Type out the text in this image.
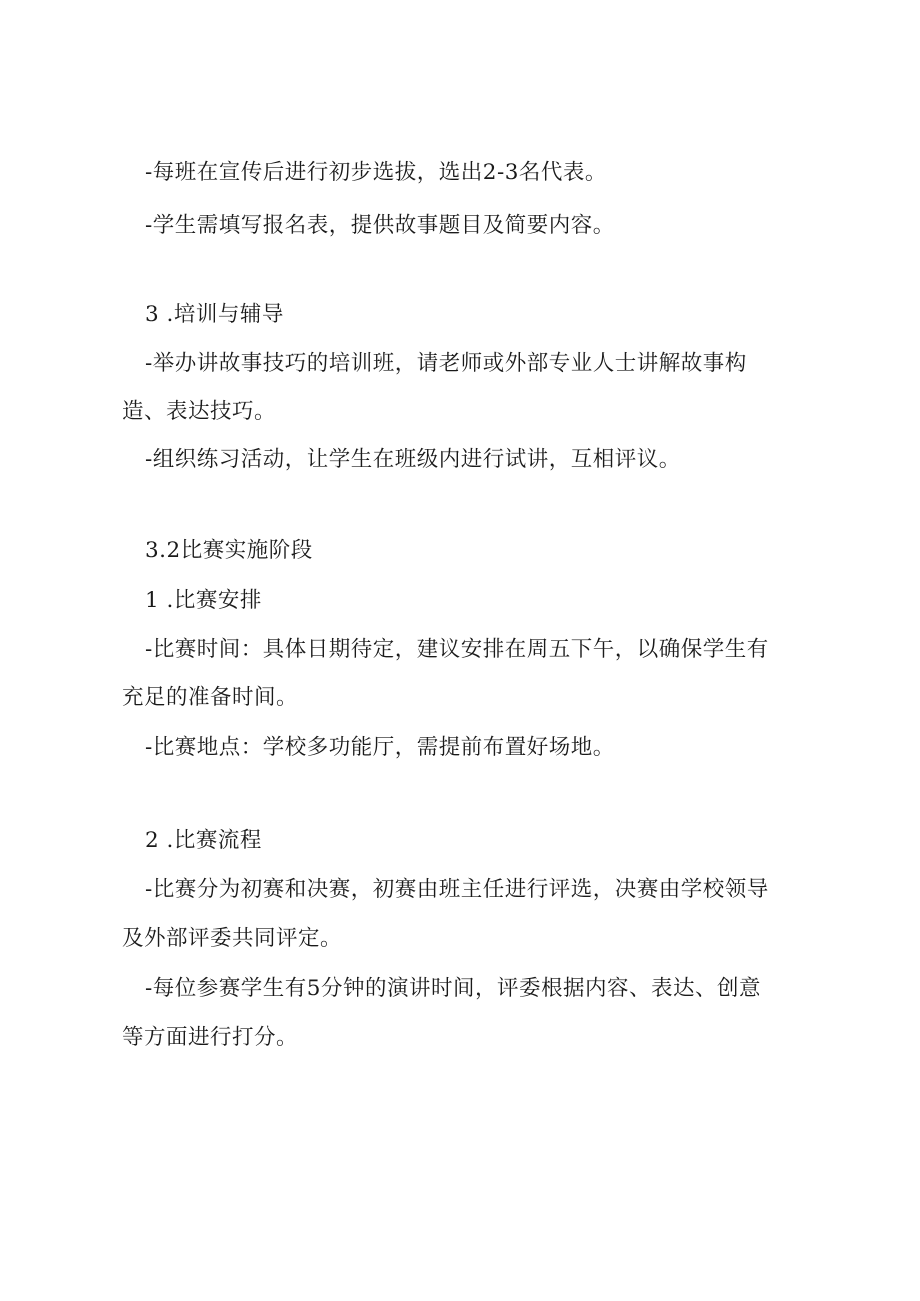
-每班在宣传后进行初步选拔，选出2-3名代表。
-学生需填写报名表，提供故事题目及简要内容。
3 .培训与辅导
-举办讲故事技巧的培训班，请老师或外部专业人士讲解故事构
造、表达技巧。
-组织练习活动，让学生在班级内进行试讲，互相评议。
3.2比赛实施阶段
1 .比赛安排
-比赛时间：具体日期待定，建议安排在周五下午，以确保学生有
充足的准备时间。
-比赛地点：学校多功能厅，需提前布置好场地。
2 .比赛流程
-比赛分为初赛和决赛，初赛由班主任进行评选，决赛由学校领导
及外部评委共同评定。
-每位参赛学生有5分钟的演讲时间，评委根据内容、表达、创意
等方面进行打分。
